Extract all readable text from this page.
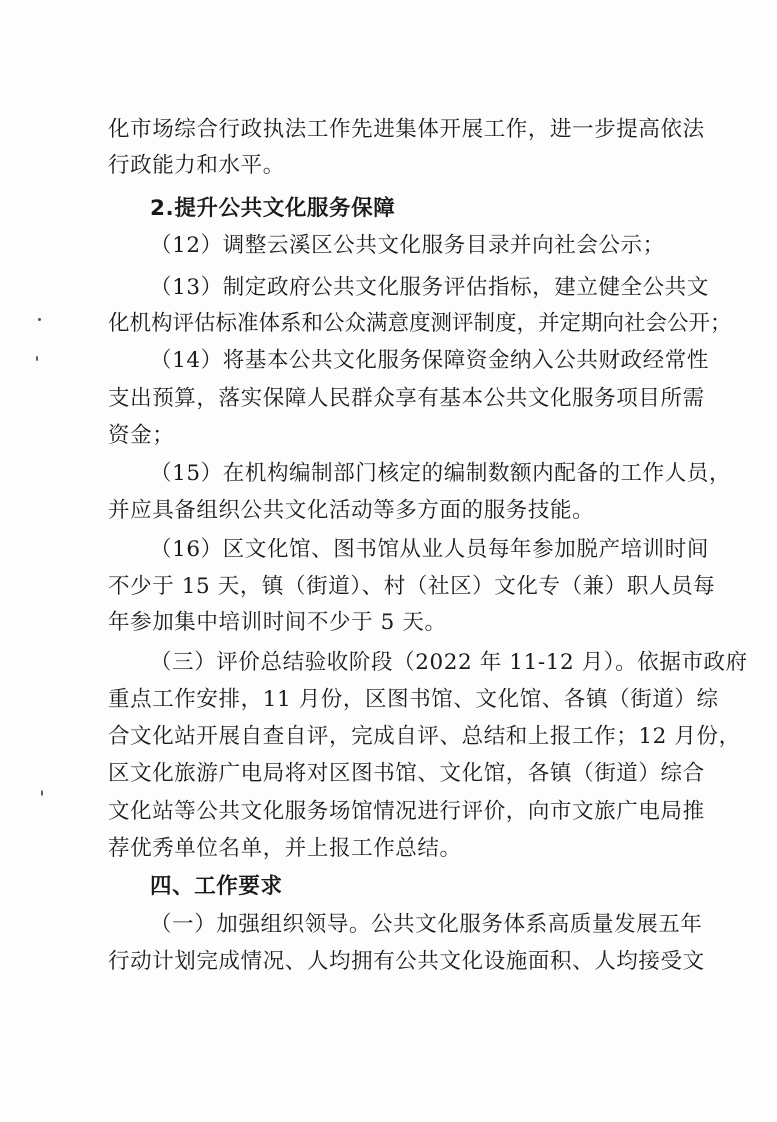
化市场综合行政执法工作先进集体开展工作，进一步提高依法
行政能力和水平。
2.提升公共文化服务保障
（12）调整云溪区公共文化服务目录并向社会公示；
（13）制定政府公共文化服务评估指标，建立健全公共文
化机构评估标准体系和公众满意度测评制度，并定期向社会公开；
（14）将基本公共文化服务保障资金纳入公共财政经常性
支出预算，落实保障人民群众享有基本公共文化服务项目所需
资金；
（15）在机构编制部门核定的编制数额内配备的工作人员，
并应具备组织公共文化活动等多方面的服务技能。
（16）区文化馆、图书馆从业人员每年参加脱产培训时间
不少于 15 天，镇（街道）、村（社区）文化专（兼）职人员每
年参加集中培训时间不少于 5 天。
（三）评价总结验收阶段（2022 年 11-12 月）。依据市政府
重点工作安排，11 月份，区图书馆、文化馆、各镇（街道）综
合文化站开展自查自评，完成自评、总结和上报工作；12 月份，
区文化旅游广电局将对区图书馆、文化馆，各镇（街道）综合
文化站等公共文化服务场馆情况进行评价，向市文旅广电局推
荐优秀单位名单，并上报工作总结。
四、工作要求
（一）加强组织领导。公共文化服务体系高质量发展五年
行动计划完成情况、人均拥有公共文化设施面积、人均接受文
